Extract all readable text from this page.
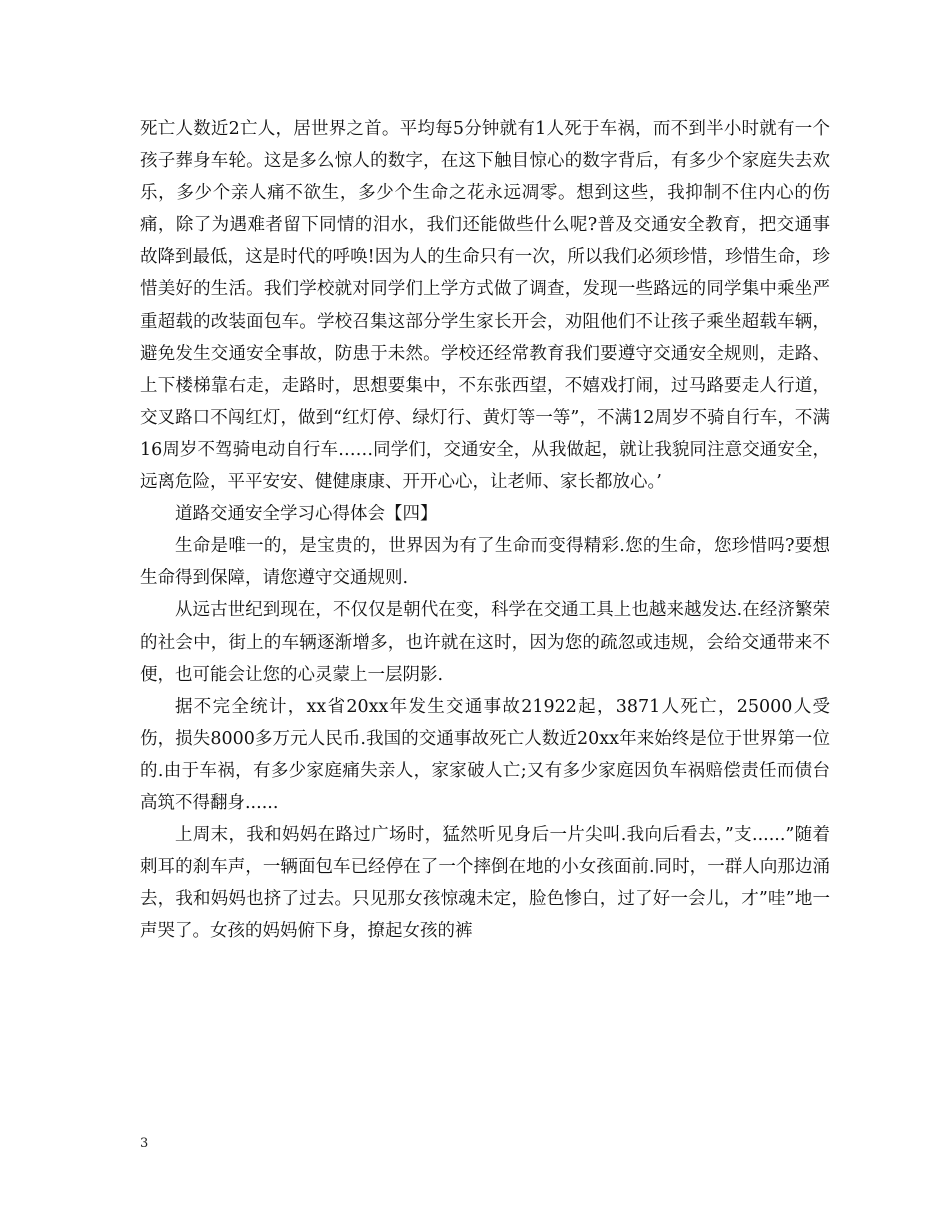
死亡人数近2亡人，居世界之首。平均每5分钟就有1人死于车祸，而不到半小时就有一个孩子葬身车轮。这是多么惊人的数字，在这下触目惊心的数字背后，有多少个家庭失去欢乐，多少个亲人痛不欲生，多少个生命之花永远凋零。想到这些，我抑制不住内心的伤痛，除了为遇难者留下同情的泪水，我们还能做些什么呢?普及交通安全教育，把交通事故降到最低，这是时代的呼唤!因为人的生命只有一次，所以我们必须珍惜，珍惜生命，珍惜美好的生活。我们学校就对同学们上学方式做了调查，发现一些路远的同学集中乘坐严重超载的改装面包车。学校召集这部分学生家长开会，劝阻他们不让孩子乘坐超载车辆，避免发生交通安全事故，防患于未然。学校还经常教育我们要遵守交通安全规则，走路、上下楼梯靠右走，走路时，思想要集中，不东张西望，不嬉戏打闹，过马路要走人行道，交叉路口不闯红灯，做到“红灯停、绿灯行、黄灯等一等”，不满12周岁不骑自行车，不满16周岁不驾骑电动自行车……同学们，交通安全，从我做起，就让我貌同注意交通安全，远离危险，平平安安、健健康康、开开心心，让老师、家长都放心。’

道路交通安全学习心得体会【四】

生命是唯一的，是宝贵的，世界因为有了生命而变得精彩.您的生命，您珍惜吗?要想生命得到保障，请您遵守交通规则.

从远古世纪到现在，不仅仅是朝代在变，科学在交通工具上也越来越发达.在经济繁荣的社会中，街上的车辆逐渐增多，也许就在这时，因为您的疏忽或违规，会给交通带来不便，也可能会让您的心灵蒙上一层阴影.

据不完全统计，xx省20xx年发生交通事故21922起，3871人死亡，25000人受伤，损失8000多万元人民币.我国的交通事故死亡人数近20xx年来始终是位于世界第一位的.由于车祸，有多少家庭痛失亲人，家家破人亡;又有多少家庭因负车祸赔偿责任而债台高筑不得翻身......

上周末，我和妈妈在路过广场时，猛然听见身后一片尖叫.我向后看去，”支......”随着刺耳的刹车声，一辆面包车已经停在了一个摔倒在地的小女孩面前.同时，一群人向那边涌去，我和妈妈也挤了过去。只见那女孩惊魂未定，脸色惨白，过了好一会儿，才”哇”地一声哭了。女孩的妈妈俯下身，撩起女孩的裤

3
